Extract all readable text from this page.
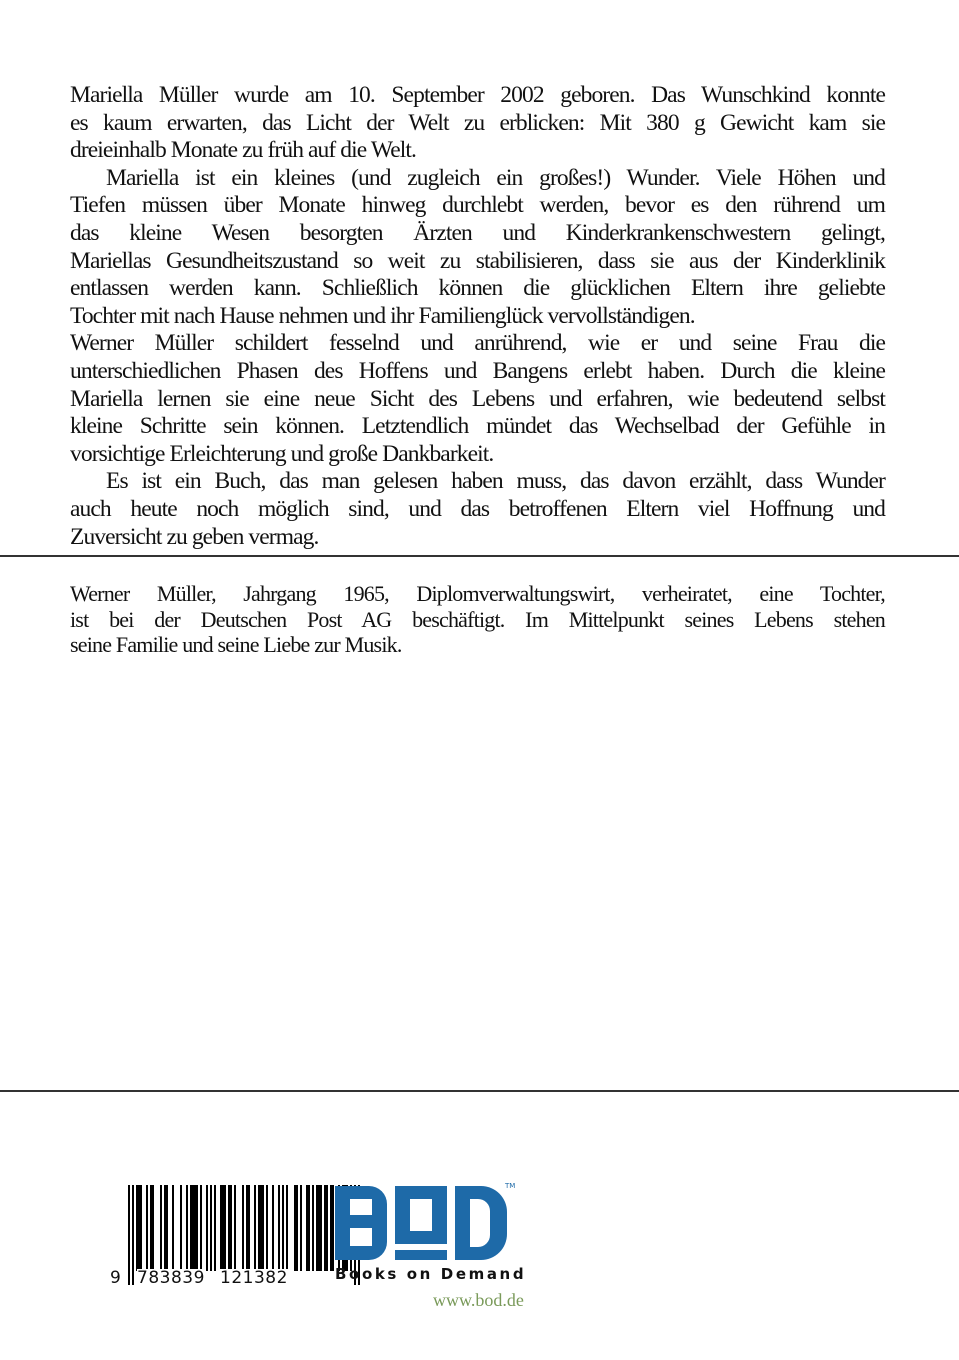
Mariella Müller wurde am 10. September 2002 geboren. Das Wunschkind konnte
es kaum erwarten, das Licht der Welt zu erblicken: Mit 380 g Gewicht kam sie
dreieinhalb Monate zu früh auf die Welt.
Mariella ist ein kleines (und zugleich ein großes!) Wunder. Viele Höhen und
Tiefen müssen über Monate hinweg durchlebt werden, bevor es den rührend um
das kleine Wesen besorgten Ärzten und Kinderkrankenschwestern gelingt,
Mariellas Gesundheitszustand so weit zu stabilisieren, dass sie aus der Kinderklinik
entlassen werden kann. Schließlich können die glücklichen Eltern ihre geliebte
Tochter mit nach Hause nehmen und ihr Familienglück vervollständigen.
Werner Müller schildert fesselnd und anrührend, wie er und seine Frau die
unterschiedlichen Phasen des Hoffens und Bangens erlebt haben. Durch die kleine
Mariella lernen sie eine neue Sicht des Lebens und erfahren, wie bedeutend selbst
kleine Schritte sein können. Letztendlich mündet das Wechselbad der Gefühle in
vorsichtige Erleichterung und große Dankbarkeit.
Es ist ein Buch, das man gelesen haben muss, das davon erzählt, dass Wunder
auch heute noch möglich sind, und das betroffenen Eltern viel Hoffnung und
Zuversicht zu geben vermag.
Werner Müller, Jahrgang 1965, Diplomverwaltungswirt, verheiratet, eine Tochter,
ist bei der Deutschen Post AG beschäftigt. Im Mittelpunkt seines Lebens stehen
seine Familie und seine Liebe zur Musik.
9 783839 121382
TM
Books on Demand
www.bod.de
